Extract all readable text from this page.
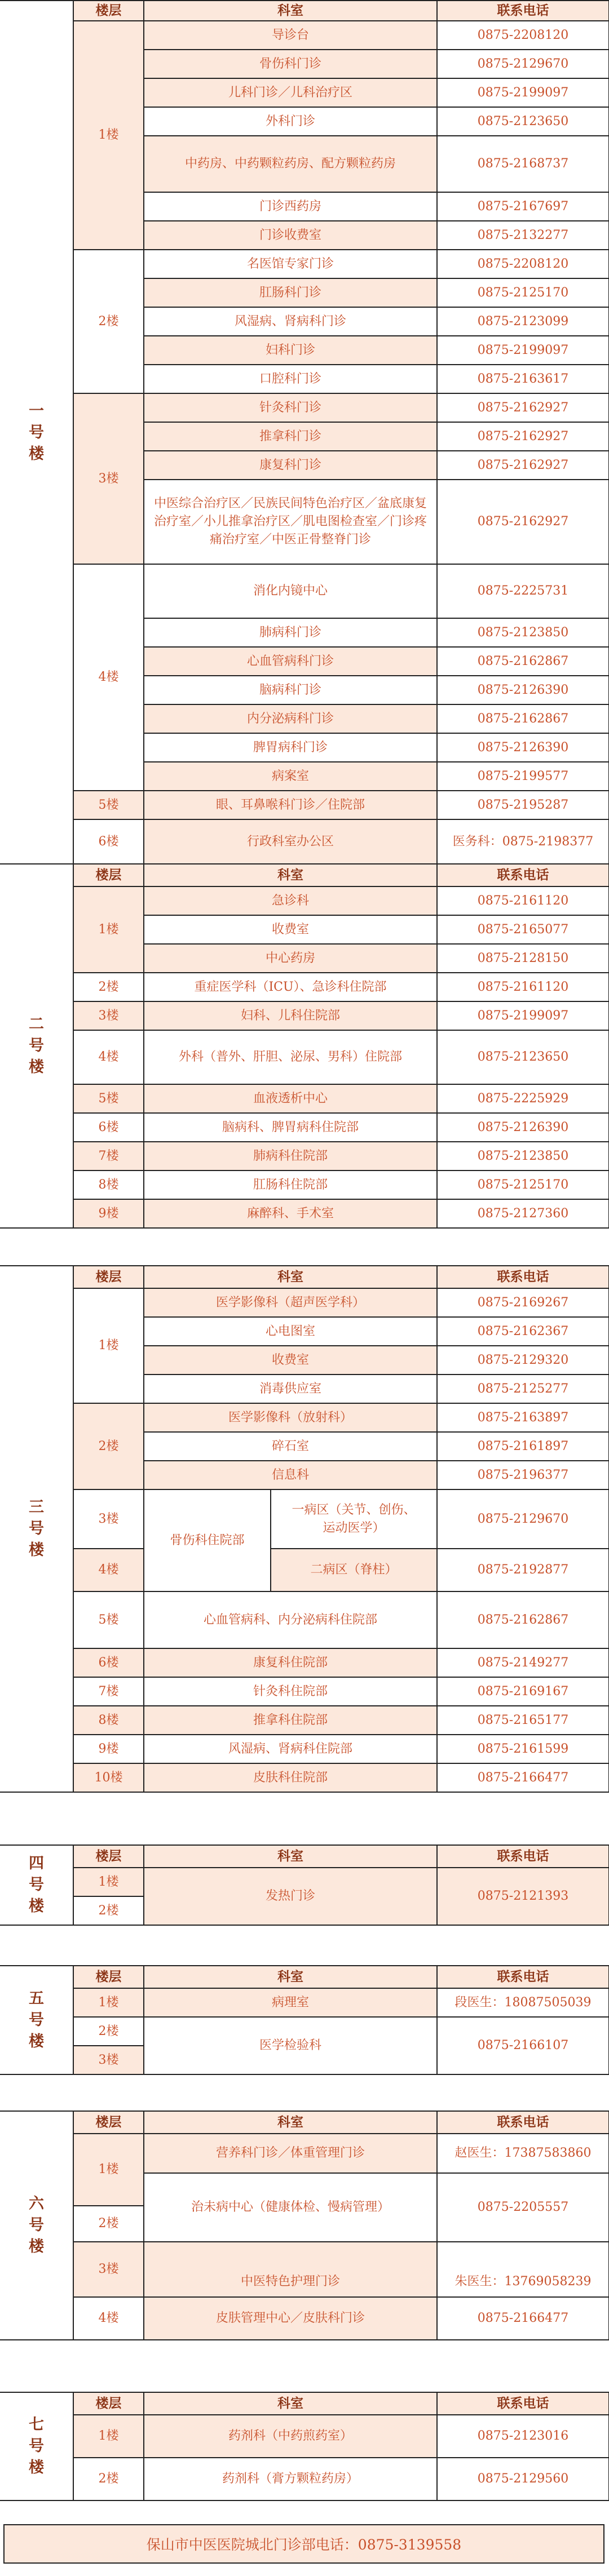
一号楼	楼层	科室	联系电话
	1楼	导诊台	0875-2208120
		骨伤科门诊	0875-2129670
		儿科门诊／儿科治疗区	0875-2199097
		外科门诊	0875-2123650
		中药房、中药颗粒药房、配方颗粒药房	0875-2168737
		门诊西药房	0875-2167697
		门诊收费室	0875-2132277
	2楼	名医馆专家门诊	0875-2208120
		肛肠科门诊	0875-2125170
		风湿病、肾病科门诊	0875-2123099
		妇科门诊	0875-2199097
		口腔科门诊	0875-2163617
	3楼	针灸科门诊	0875-2162927
		推拿科门诊	0875-2162927
		康复科门诊	0875-2162927
		中医综合治疗区／民族民间特色治疗区／盆底康复治疗室／小儿推拿治疗区／肌电图检查室／门诊疼痛治疗室／中医正骨整脊门诊	0875-2162927
	4楼	消化内镜中心	0875-2225731
		肺病科门诊	0875-2123850
		心血管病科门诊	0875-2162867
		脑病科门诊	0875-2126390
		内分泌病科门诊	0875-2162867
		脾胃病科门诊	0875-2126390
		病案室	0875-2199577
	5楼	眼、耳鼻喉科门诊／住院部	0875-2195287
	6楼	行政科室办公区	医务科：0875-2198377
二号楼	楼层	科室	联系电话
	1楼	急诊科	0875-2161120
		收费室	0875-2165077
		中心药房	0875-2128150
	2楼	重症医学科（ICU）、急诊科住院部	0875-2161120
	3楼	妇科、儿科住院部	0875-2199097
	4楼	外科（普外、肝胆、泌尿、男科）住院部	0875-2123650
	5楼	血液透析中心	0875-2225929
	6楼	脑病科、脾胃病科住院部	0875-2126390
	7楼	肺病科住院部	0875-2123850
	8楼	肛肠科住院部	0875-2125170
	9楼	麻醉科、手术室	0875-2127360
三号楼	楼层	科室		联系电话
	1楼	医学影像科（超声医学科）		0875-2169267
		心电图室		0875-2162367
		收费室		0875-2129320
		消毒供应室		0875-2125277
	2楼	医学影像科（放射科）		0875-2163897
		碎石室		0875-2161897
		信息科		0875-2196377
	3楼	骨伤科住院部	一病区（关节、创伤、运动医学）	0875-2129670
	4楼		二病区（脊柱）	0875-2192877
	5楼	心血管病科、内分泌病科住院部		0875-2162867
	6楼	康复科住院部		0875-2149277
	7楼	针灸科住院部		0875-2169167
	8楼	推拿科住院部		0875-2165177
	9楼	风湿病、肾病科住院部		0875-2161599
	10楼	皮肤科住院部		0875-2166477
四号楼	楼层	科室	联系电话
	1楼	发热门诊	0875-2121393
	2楼		
五号楼	楼层	科室	联系电话
	1楼	病理室	段医生：18087505039
	2楼	医学检验科	0875-2166107
	3楼		
六号楼	楼层	科室	联系电话
	1楼	营养科门诊／体重管理门诊	赵医生：17387583860
		治未病中心（健康体检、慢病管理）	0875-2205557
	2楼		
	3楼	中医特色护理门诊	朱医生：13769058239

	4楼	皮肤管理中心／皮肤科门诊	0875-2166477
七号楼	楼层	科室	联系电话
	1楼	药剂科（中药煎药室）	0875-2123016
	2楼	药剂科（膏方颗粒药房）	0875-2129560
保山市中医医院城北门诊部电话：0875-3139558
